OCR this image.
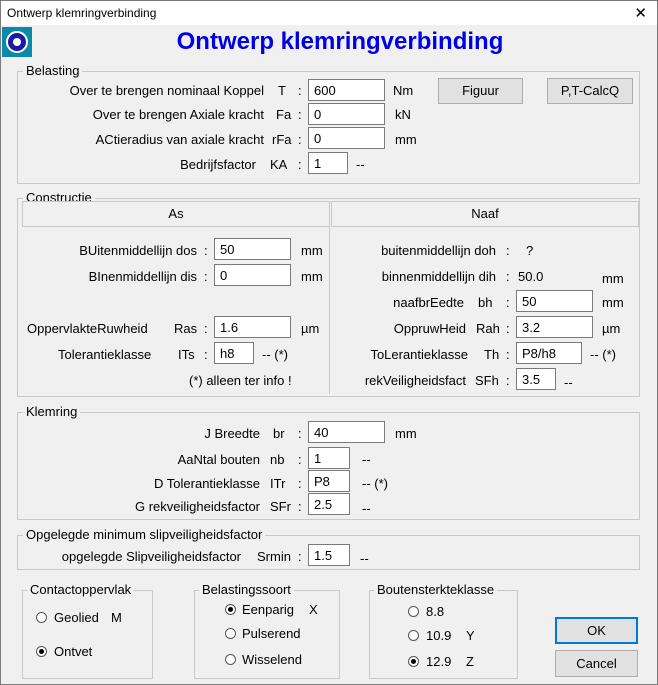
Ontwerp klemringverbinding	✕
Ontwerp klemringverbinding
Belasting
Over te brengen nominaal Koppel T :
600	Nm
Over te brengen Axiale kracht Fa :
0	kN
ACtieradius van axiale kracht rFa :
0	mm
Bedrijfsfactor KA :
1	--
Figuur	P,T-CalcQ
Constructie
As	Naaf
BUitenmiddellijn dos :
50	mm
BInenmiddellijn dis :
0	mm
OppervlakteRuwheid Ras :
1.6	µm
Tolerantieklasse ITs :
h8	-- (*)
(*) alleen ter info !
buitenmiddellijn doh : ?
binnenmiddellijn dih : 50.0	mm
naafbrEedte bh :
50	mm
OppruwHeid Rah :
3.2	µm
ToLerantieklasse Th :
P8/h8	-- (*)
rekVeiligheidsfact SFh :
3.5	--
Klemring
J Breedte br :
40	mm
AaNtal bouten nb :
1	--
D Tolerantieklasse ITr :
P8	-- (*)
G rekveiligheidsfactor SFr :
2.5	--
Opgelegde minimum slipveiligheidsfactor
opgelegde Slipveiligheidsfactor Srmin :
1.5	--
Contactoppervlak
Geolied M
Ontvet
Belastingssoort
Eenparig X
Pulserend
Wisselend
Boutensterkteklasse
8.8
10.9 Y
12.9 Z
OK
Cancel
